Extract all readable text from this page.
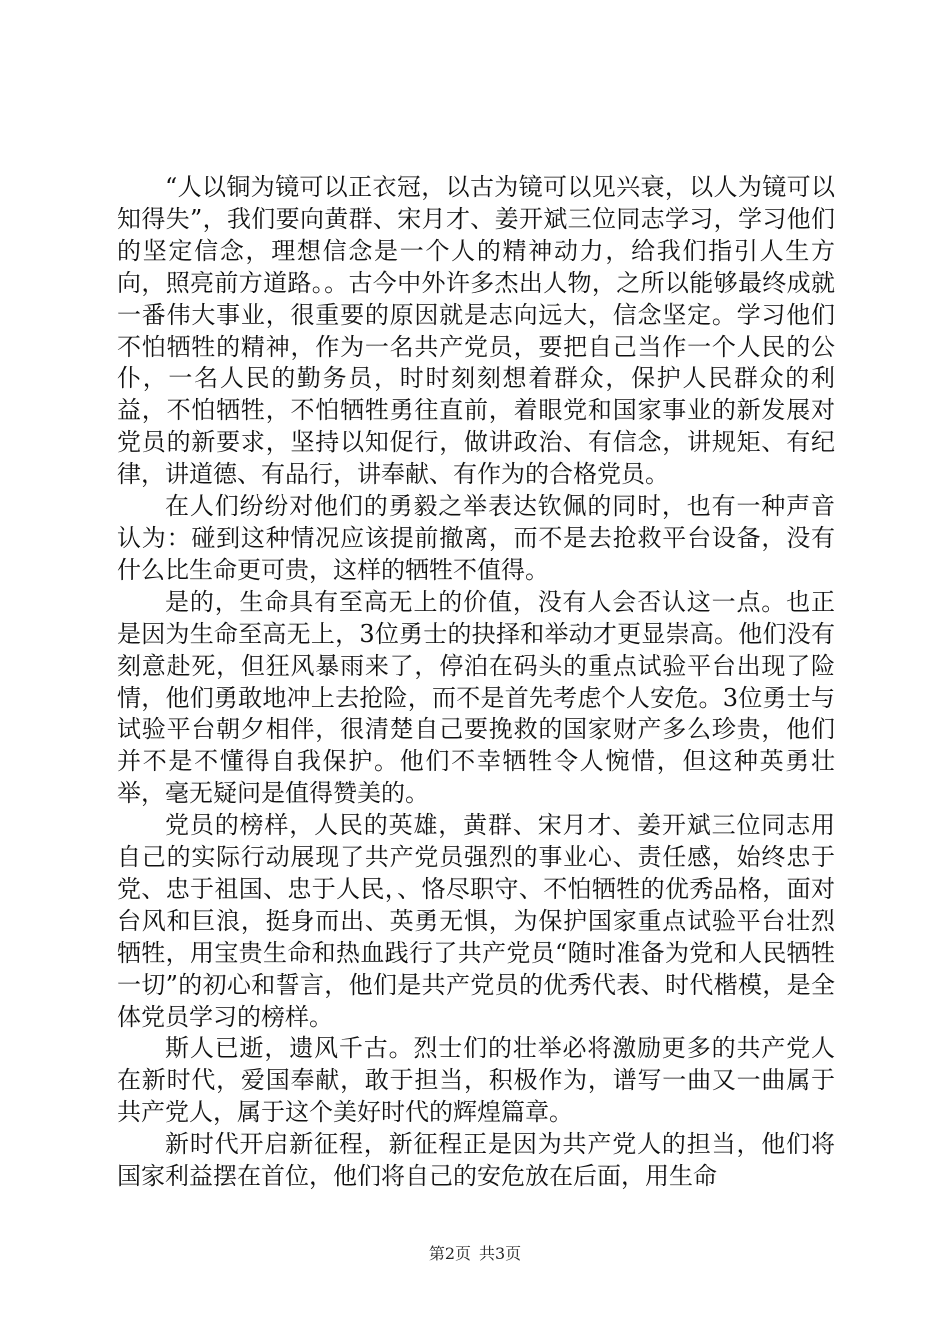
“人以铜为镜可以正衣冠，以古为镜可以见兴衰，以人为镜可以知得失”，我们要向黄群、宋月才、姜开斌三位同志学习，学习他们的坚定信念，理想信念是一个人的精神动力，给我们指引人生方向，照亮前方道路。。古今中外许多杰出人物，之所以能够最终成就一番伟大事业，很重要的原因就是志向远大，信念坚定。学习他们不怕牺牲的精神，作为一名共产党员，要把自己当作一个人民的公仆，一名人民的勤务员，时时刻刻想着群众，保护人民群众的利益，不怕牺牲，不怕牺牲勇往直前，着眼党和国家事业的新发展对党员的新要求，坚持以知促行，做讲政治、有信念，讲规矩、有纪律，讲道德、有品行，讲奉献、有作为的合格党员。

在人们纷纷对他们的勇毅之举表达钦佩的同时，也有一种声音认为：碰到这种情况应该提前撤离，而不是去抢救平台设备，没有什么比生命更可贵，这样的牺牲不值得。

是的，生命具有至高无上的价值，没有人会否认这一点。也正是因为生命至高无上，3位勇士的抉择和举动才更显崇高。他们没有刻意赴死，但狂风暴雨来了，停泊在码头的重点试验平台出现了险情，他们勇敢地冲上去抢险，而不是首先考虑个人安危。3位勇士与试验平台朝夕相伴，很清楚自己要挽救的国家财产多么珍贵，他们并不是不懂得自我保护。他们不幸牺牲令人惋惜，但这种英勇壮举，毫无疑问是值得赞美的。

党员的榜样，人民的英雄，黄群、宋月才、姜开斌三位同志用自己的实际行动展现了共产党员强烈的事业心、责任感，始终忠于党、忠于祖国、忠于人民，、恪尽职守、不怕牺牲的优秀品格，面对台风和巨浪，挺身而出、英勇无惧，为保护国家重点试验平台壮烈牺牲，用宝贵生命和热血践行了共产党员“随时准备为党和人民牺牲一切”的初心和誓言，他们是共产党员的优秀代表、时代楷模，是全体党员学习的榜样。

斯人已逝，遗风千古。烈士们的壮举必将激励更多的共产党人在新时代，爱国奉献，敢于担当，积极作为，谱写一曲又一曲属于共产党人，属于这个美好时代的辉煌篇章。

新时代开启新征程，新征程正是因为共产党人的担当，他们将国家利益摆在首位，他们将自己的安危放在后面，用生命

第2页 共3页
